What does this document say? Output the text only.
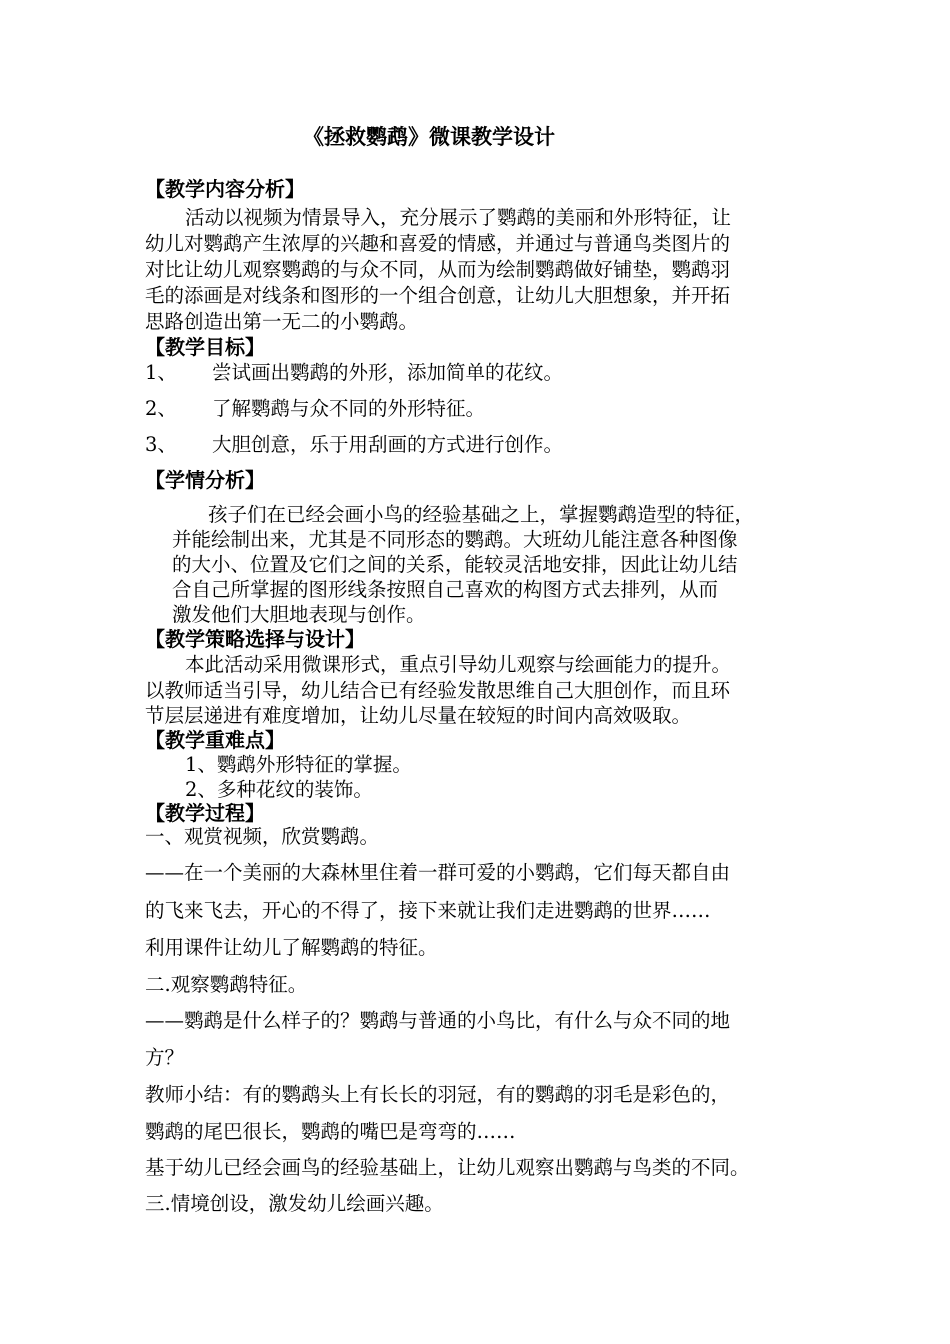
《拯救鹦鹉》微课教学设计
【教学内容分析】
活动以视频为情景导入，充分展示了鹦鹉的美丽和外形特征，让
幼儿对鹦鹉产生浓厚的兴趣和喜爱的情感，并通过与普通鸟类图片的
对比让幼儿观察鹦鹉的与众不同，从而为绘制鹦鹉做好铺垫，鹦鹉羽
毛的添画是对线条和图形的一个组合创意，让幼儿大胆想象，并开拓
思路创造出第一无二的小鹦鹉。
【教学目标】
1、 尝试画出鹦鹉的外形，添加简单的花纹。
2、 了解鹦鹉与众不同的外形特征。
3、 大胆创意，乐于用刮画的方式进行创作。
【学情分析】
孩子们在已经会画小鸟的经验基础之上，掌握鹦鹉造型的特征，
并能绘制出来，尤其是不同形态的鹦鹉。大班幼儿能注意各种图像
的大小、位置及它们之间的关系，能较灵活地安排，因此让幼儿结
合自己所掌握的图形线条按照自己喜欢的构图方式去排列，从而
激发他们大胆地表现与创作。
【教学策略选择与设计】
本此活动采用微课形式，重点引导幼儿观察与绘画能力的提升。
以教师适当引导，幼儿结合已有经验发散思维自己大胆创作，而且环
节层层递进有难度增加，让幼儿尽量在较短的时间内高效吸取。
【教学重难点】
1、鹦鹉外形特征的掌握。
2、多种花纹的装饰。
【教学过程】
一、观赏视频，欣赏鹦鹉。
——在一个美丽的大森林里住着一群可爱的小鹦鹉，它们每天都自由
的飞来飞去，开心的不得了，接下来就让我们走进鹦鹉的世界……
利用课件让幼儿了解鹦鹉的特征。
二.观察鹦鹉特征。
——鹦鹉是什么样子的？鹦鹉与普通的小鸟比，有什么与众不同的地
方？
教师小结：有的鹦鹉头上有长长的羽冠，有的鹦鹉的羽毛是彩色的，
鹦鹉的尾巴很长，鹦鹉的嘴巴是弯弯的……
基于幼儿已经会画鸟的经验基础上，让幼儿观察出鹦鹉与鸟类的不同。
三.情境创设，激发幼儿绘画兴趣。
